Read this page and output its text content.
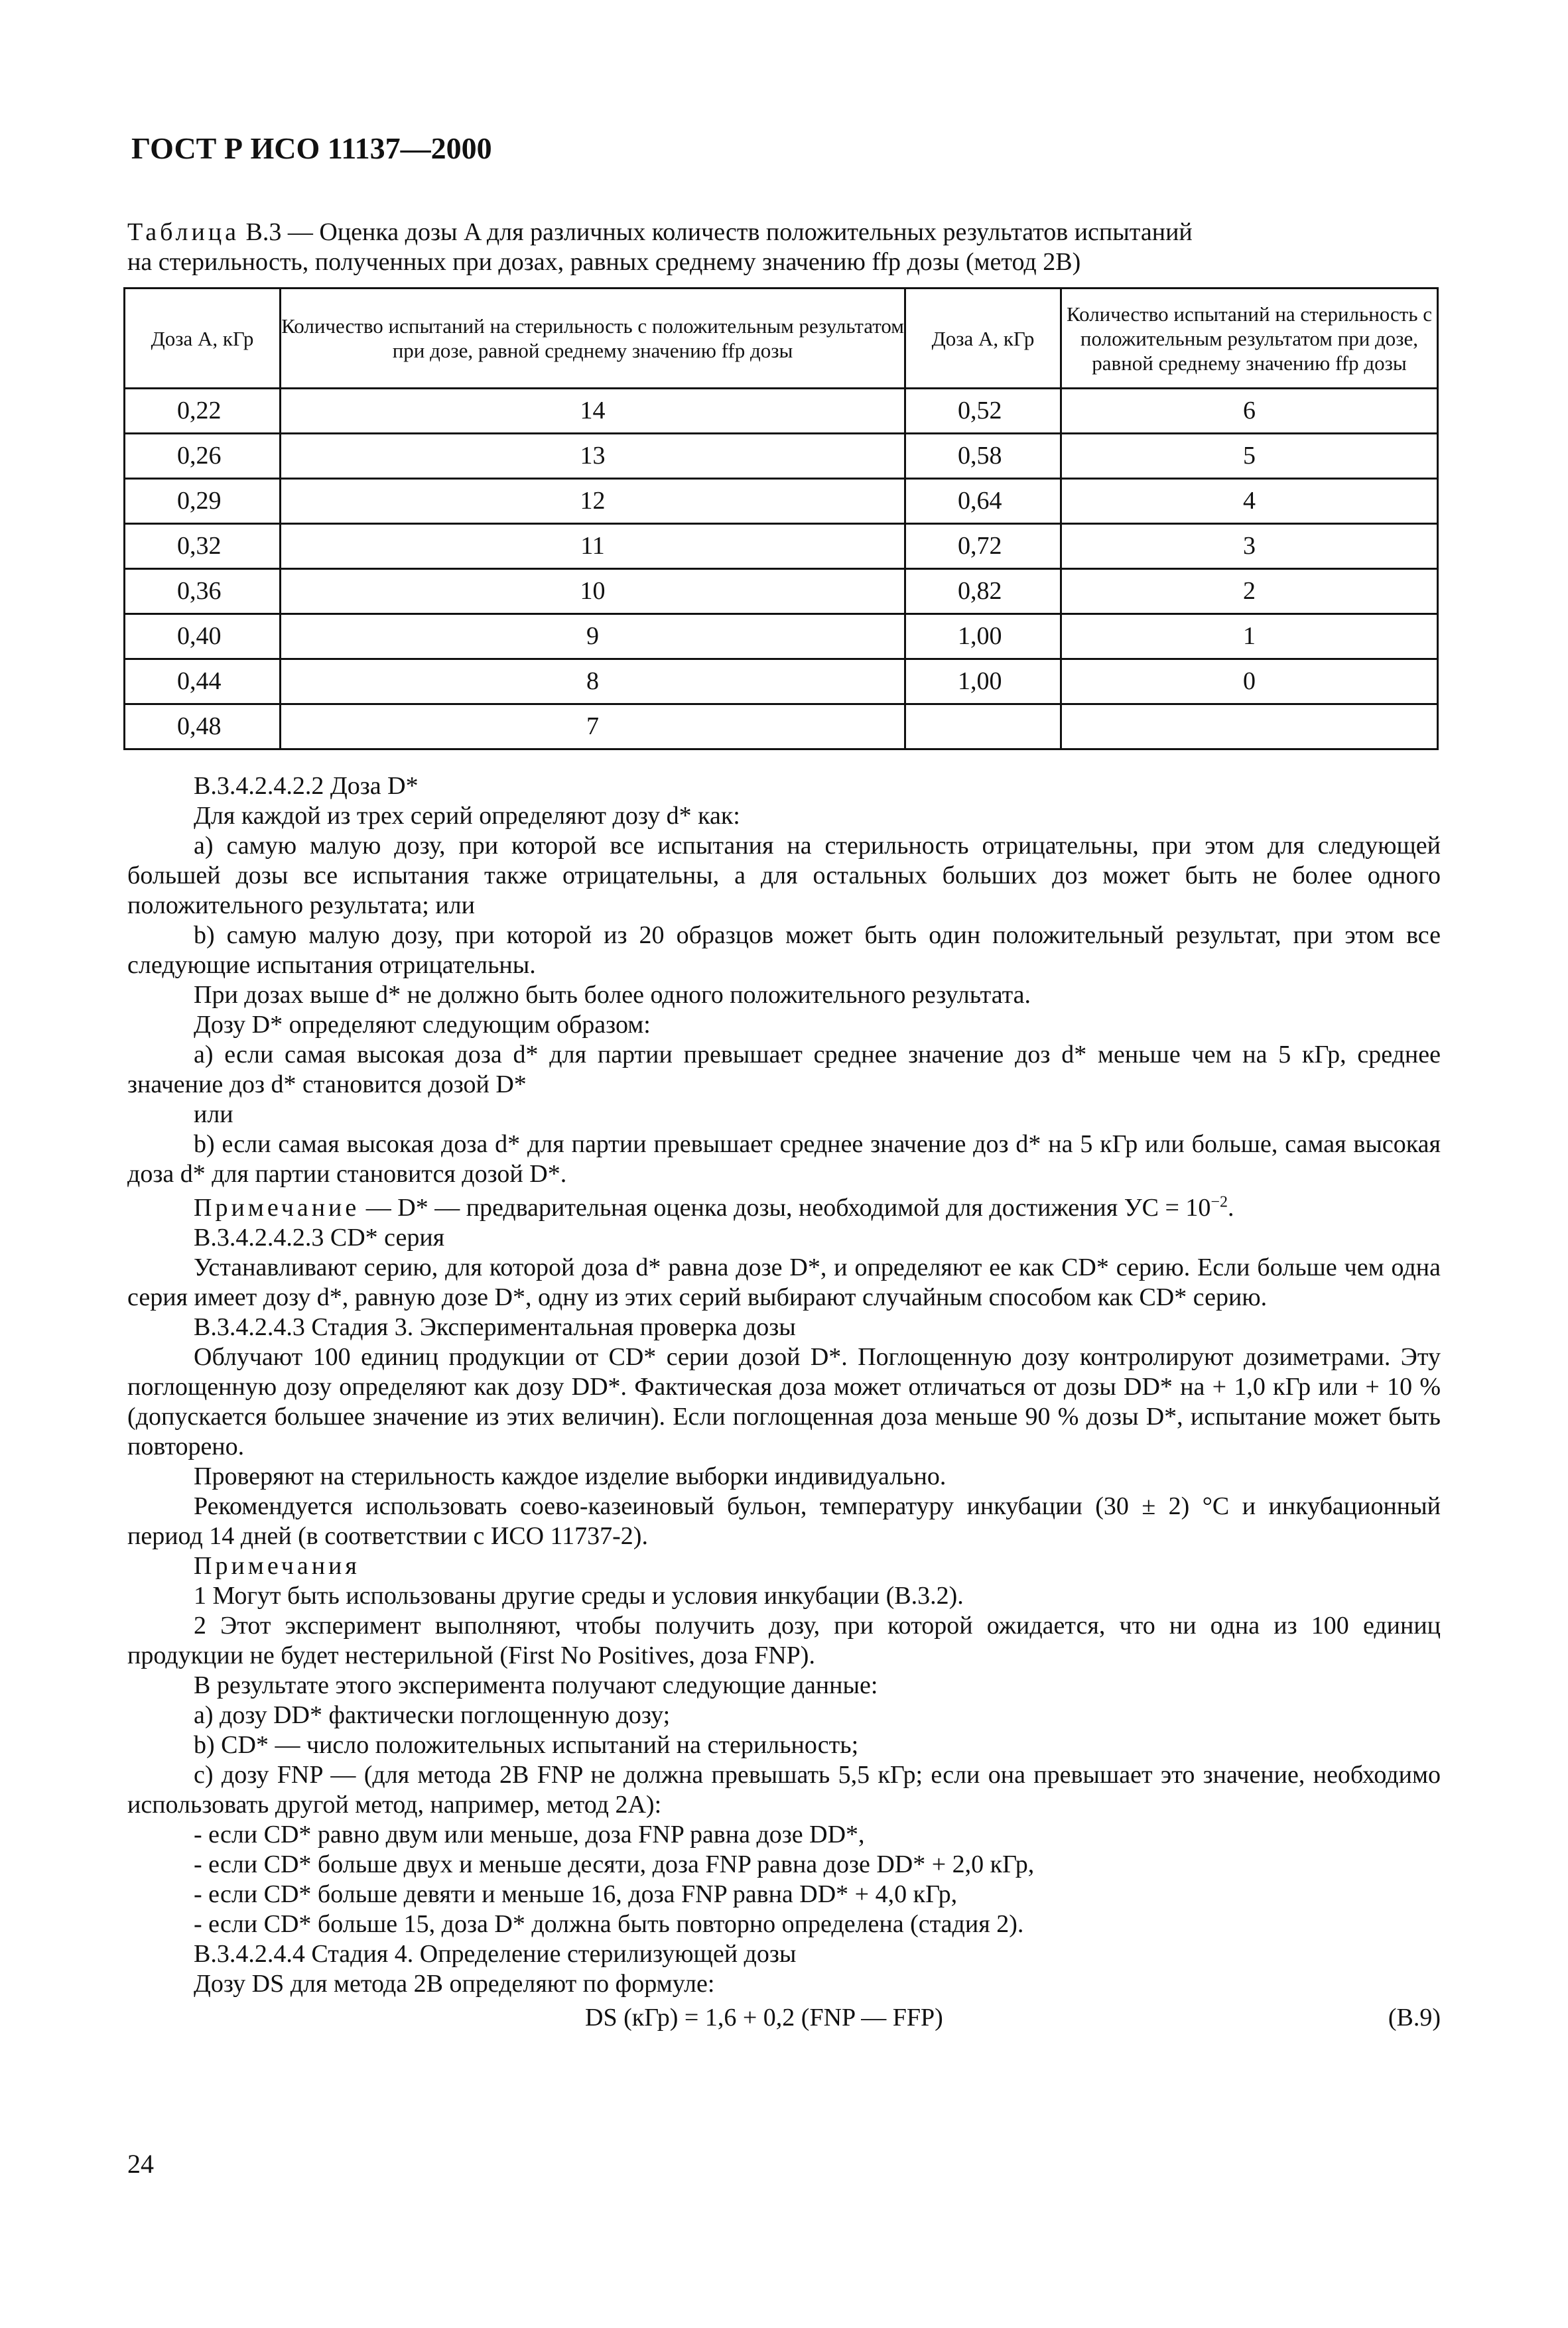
ГОСТ Р ИСО 11137—2000
Таблица В.3 — Оценка дозы A для различных количеств положительных результатов испытаний
на стерильность, полученных при дозах, равных среднему значению ffp дозы (метод 2В)
Доза A, кГр	Количество испытаний на стерильность с положительным результатом при дозе, равной среднему значению ffp дозы	Доза A, кГр	Количество испытаний на стерильность с положительным результатом при дозе, равной среднему значению ffp дозы
0,22	14	0,52	6
0,26	13	0,58	5
0,29	12	0,64	4
0,32	11	0,72	3
0,36	10	0,82	2
0,40	9	1,00	1
0,44	8	1,00	0
0,48	7		
В.3.4.2.4.2.2 Доза D*
Для каждой из трех серий определяют дозу d* как:
a) самую малую дозу, при которой все испытания на стерильность отрицательны, при этом для следующей большей дозы все испытания также отрицательны, а для остальных больших доз может быть не более одного положительного результата; или
b) самую малую дозу, при которой из 20 образцов может быть один положительный результат, при этом все следующие испытания отрицательны.
При дозах выше d* не должно быть более одного положительного результата.
Дозу D* определяют следующим образом:
a) если самая высокая доза d* для партии превышает среднее значение доз d* меньше чем на 5 кГр, среднее значение доз d* становится дозой D*
или
b) если самая высокая доза d* для партии превышает среднее значение доз d* на 5 кГр или больше, самая высокая доза d* для партии становится дозой D*.
Примечание — D* — предварительная оценка дозы, необходимой для достижения УС = $10^{-2}$.
В.3.4.2.4.2.3 CD* серия
Устанавливают серию, для которой доза d* равна дозе D*, и определяют ее как CD* серию. Если больше чем одна серия имеет дозу d*, равную дозе D*, одну из этих серий выбирают случайным способом как CD* серию.
В.3.4.2.4.3 Стадия 3. Экспериментальная проверка дозы
Облучают 100 единиц продукции от CD* серии дозой D*. Поглощенную дозу контролируют дозиметрами. Эту поглощенную дозу определяют как дозу DD*. Фактическая доза может отличаться от дозы DD* на + 1,0 кГр или + 10 % (допускается большее значение из этих величин). Если поглощенная доза меньше 90 % дозы D*, испытание может быть повторено.
Проверяют на стерильность каждое изделие выборки индивидуально.
Рекомендуется использовать соево-казеиновый бульон, температуру инкубации (30 ± 2) °С и инкубационный период 14 дней (в соответствии с ИСО 11737-2).
Примечания
1 Могут быть использованы другие среды и условия инкубации (В.3.2).
2 Этот эксперимент выполняют, чтобы получить дозу, при которой ожидается, что ни одна из 100 единиц продукции не будет нестерильной (First No Positives, доза FNP).
В результате этого эксперимента получают следующие данные:
a) дозу DD* фактически поглощенную дозу;
b) CD* — число положительных испытаний на стерильность;
c) дозу FNP — (для метода 2В FNP не должна превышать 5,5 кГр; если она превышает это значение, необходимо использовать другой метод, например, метод 2А):
- если CD* равно двум или меньше, доза FNP равна дозе DD*,
- если CD* больше двух и меньше десяти, доза FNP равна дозе DD* + 2,0 кГр,
- если CD* больше девяти и меньше 16, доза FNP равна DD* + 4,0 кГр,
- если CD* больше 15, доза D* должна быть повторно определена (стадия 2).
В.3.4.2.4.4 Стадия 4. Определение стерилизующей дозы
Дозу DS для метода 2В определяют по формуле:
DS (кГр) = 1,6 + 0,2 (FNP — FFP)	(В.9)
24
